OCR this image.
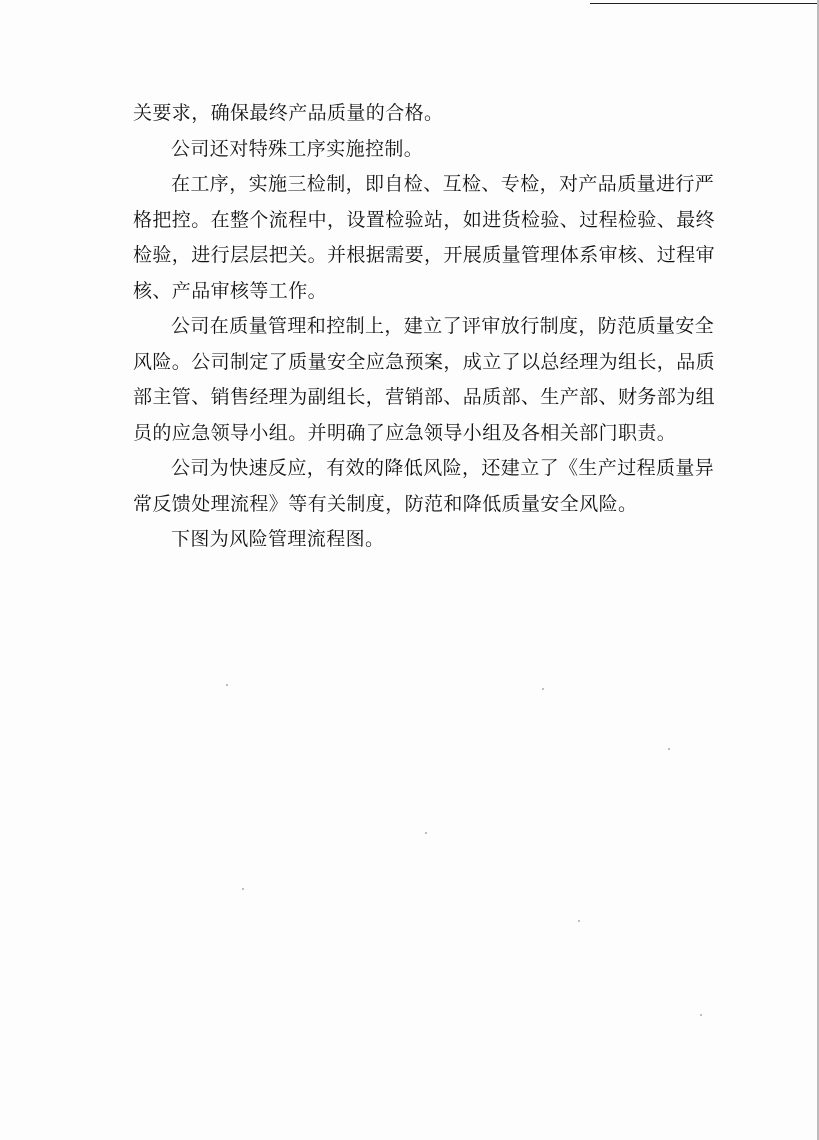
关要求，确保最终产品质量的合格。
公司还对特殊工序实施控制。
在工序，实施三检制，即自检、互检、专检，对产品质量进行严
格把控。在整个流程中，设置检验站，如进货检验、过程检验、最终
检验，进行层层把关。并根据需要，开展质量管理体系审核、过程审
核、产品审核等工作。
公司在质量管理和控制上，建立了评审放行制度，防范质量安全
风险。公司制定了质量安全应急预案，成立了以总经理为组长，品质
部主管、销售经理为副组长，营销部、品质部、生产部、财务部为组
员的应急领导小组。并明确了应急领导小组及各相关部门职责。
公司为快速反应，有效的降低风险，还建立了《生产过程质量异
常反馈处理流程》等有关制度，防范和降低质量安全风险。
下图为风险管理流程图。
